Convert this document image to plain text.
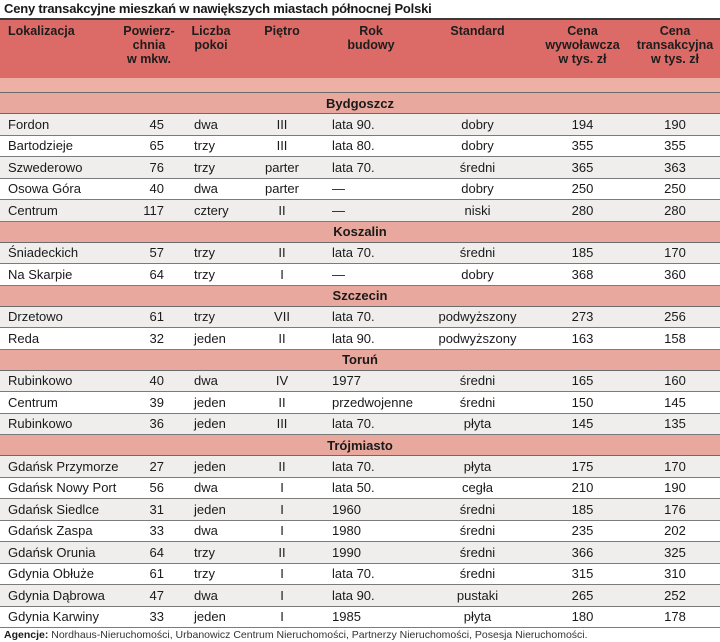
Ceny transakcyjne mieszkań w nawiększych miastach północnej Polski
Lokalizacja	Powierz-
chnia
w mkw.	Liczba
pokoi	Piętro	Rok
budowy	Standard	Cena
wywoławcza
w tys. zł	Cena
transakcyjna
w tys. zł

Bydgoszcz							
Fordon	45	dwa	III	lata 90.	dobry	194	190
Bartodzieje	65	trzy	III	lata 80.	dobry	355	355
Szwederowo	76	trzy	parter	lata 70.	średni	365	363
Osowa Góra	40	dwa	parter	—	dobry	250	250
Centrum	117	cztery	II	—	niski	280	280
Koszalin							
Śniadeckich	57	trzy	II	lata 70.	średni	185	170
Na Skarpie	64	trzy	I	—	dobry	368	360
Szczecin							
Drzetowo	61	trzy	VII	lata 70.	podwyższony	273	256
Reda	32	jeden	II	lata 90.	podwyższony	163	158
Toruń							
Rubinkowo	40	dwa	IV	1977	średni	165	160
Centrum	39	jeden	II	przedwojenne	średni	150	145
Rubinkowo	36	jeden	III	lata 70.	płyta	145	135
Trójmiasto							
Gdańsk Przymorze	27	jeden	II	lata 70.	płyta	175	170
Gdańsk Nowy Port	56	dwa	I	lata 50.	cegła	210	190
Gdańsk Siedlce	31	jeden	I	1960	średni	185	176
Gdańsk Zaspa	33	dwa	I	1980	średni	235	202
Gdańsk Orunia	64	trzy	II	1990	średni	366	325
Gdynia Obłuże	61	trzy	I	lata 70.	średni	315	310
Gdynia Dąbrowa	47	dwa	I	lata 90.	pustaki	265	252
Gdynia Karwiny	33	jeden	I	1985	płyta	180	178
Agencje: Nordhaus-Nieruchomości, Urbanowicz Centrum Nieruchomości, Partnerzy Nieruchomości, Posesja Nieruchomości.
